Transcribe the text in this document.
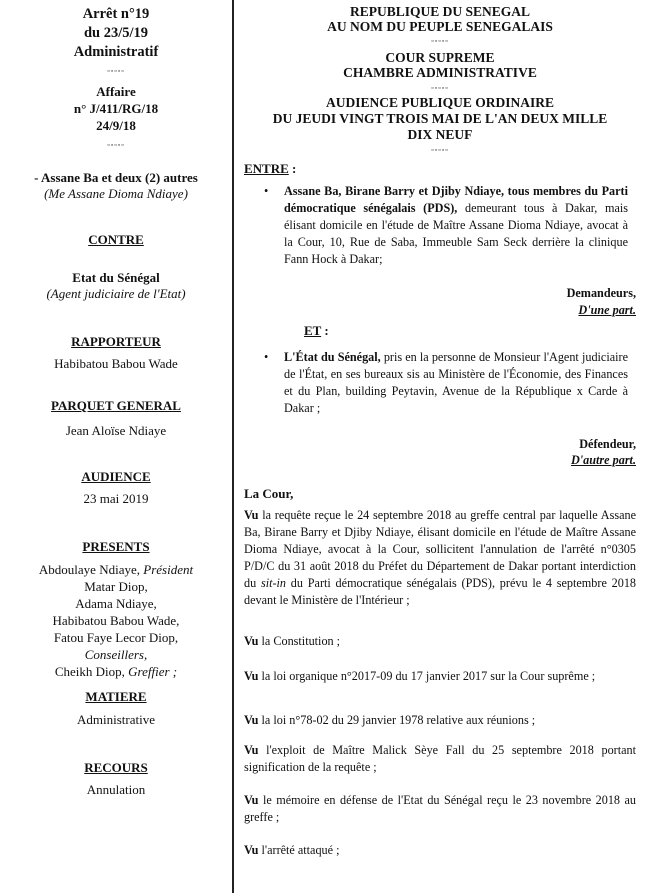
Arrêt n°19

du 23/5/19

Administratif

▫▫▫▫▫

Affaire

n° J/411/RG/18

24/9/18

▫▫▫▫▫

- Assane Ba et deux (2) autres

(Me Assane Dioma Ndiaye)

CONTRE

Etat du Sénégal

(Agent judiciaire de l'Etat)

RAPPORTEUR

Habibatou Babou Wade

PARQUET GENERAL

Jean Aloïse Ndiaye

AUDIENCE

23 mai 2019

PRESENTS

Abdoulaye Ndiaye, Président

Matar Diop,

Adama Ndiaye,

Habibatou Babou Wade,

Fatou Faye Lecor Diop,

Conseillers,

Cheikh Diop, Greffier ;

MATIERE

Administrative

RECOURS

Annulation

REPUBLIQUE DU SENEGAL

AU NOM DU PEUPLE SENEGALAIS

▫▫▫▫▫

COUR SUPREME

CHAMBRE ADMINISTRATIVE

▫▫▫▫▫

AUDIENCE PUBLIQUE ORDINAIRE

DU JEUDI VINGT TROIS MAI DE L'AN DEUX MILLE

DIX NEUF

▫▫▫▫▫

ENTRE :

• Assane Ba, Birane Barry et Djiby Ndiaye, tous membres du Parti démocratique sénégalais (PDS), demeurant tous à Dakar, mais élisant domicile en l'étude de Maître Assane Dioma Ndiaye, avocat à la Cour, 10, Rue de Saba, Immeuble Sam Seck derrière la clinique Fann Hock à Dakar;

Demandeurs,

D'une part.

ET :

• L'État du Sénégal, pris en la personne de Monsieur l'Agent judiciaire de l'État, en ses bureaux sis au Ministère de l'Économie, des Finances et du Plan, building Peytavin, Avenue de la République x Carde à Dakar ;

Défendeur,

D'autre part.

La Cour,

Vu la requête reçue le 24 septembre 2018 au greffe central par laquelle Assane Ba, Birane Barry et Djiby Ndiaye, élisant domicile en l'étude de Maître Assane Dioma Ndiaye, avocat à la Cour, sollicitent l'annulation de l'arrêté n°0305 P/D/C du 31 août 2018 du Préfet du Département de Dakar portant interdiction du sit-in du Parti démocratique sénégalais (PDS), prévu le 4 septembre 2018 devant le Ministère de l'Intérieur ;

Vu la Constitution ;

Vu la loi organique n°2017-09 du 17 janvier 2017 sur la Cour suprême ;

Vu la loi n°78-02 du 29 janvier 1978 relative aux réunions ;

Vu l'exploit de Maître Malick Sèye Fall du 25 septembre 2018 portant signification de la requête ;

Vu le mémoire en défense de l'Etat du Sénégal reçu le 23 novembre 2018 au greffe ;

Vu l'arrêté attaqué ;
